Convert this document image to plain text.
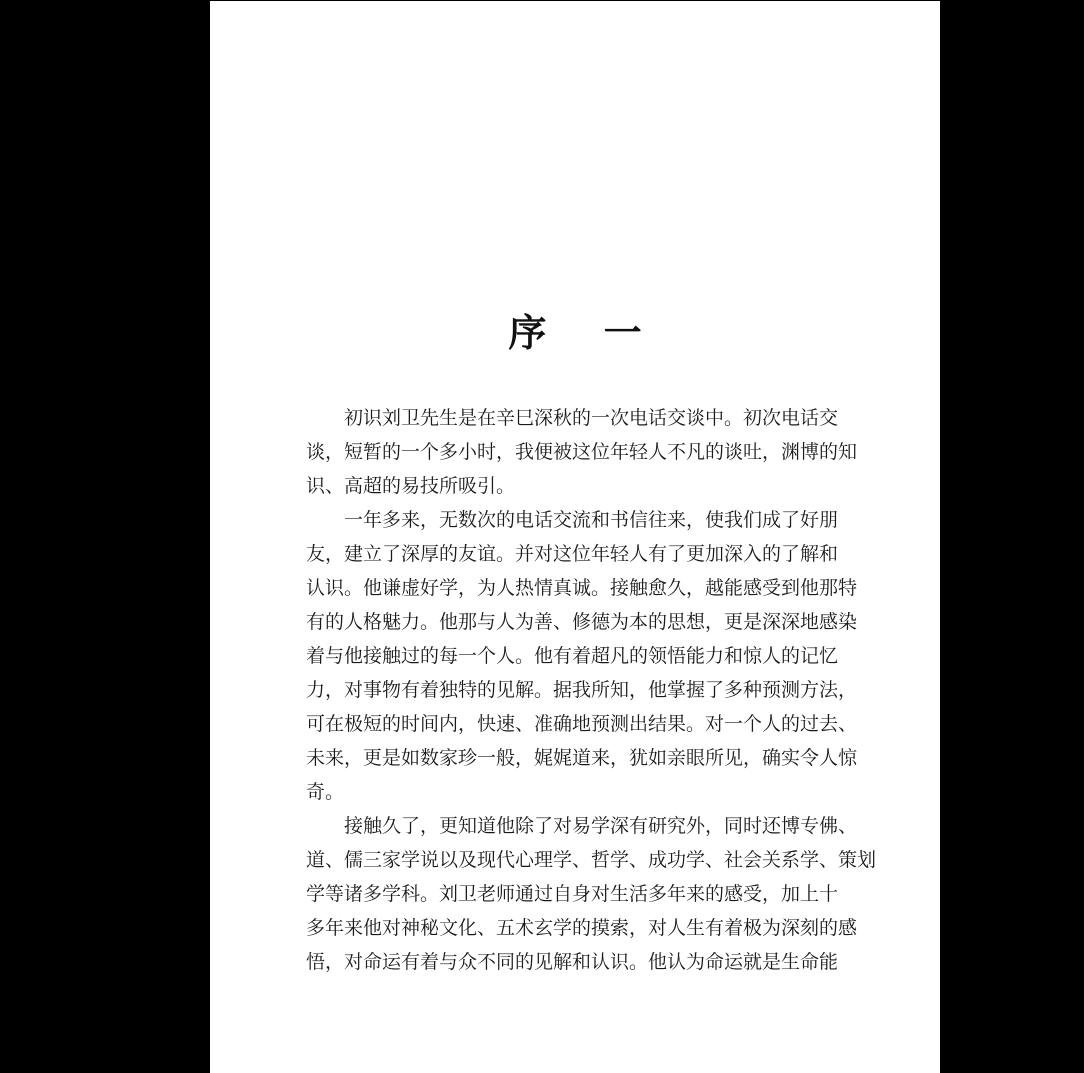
序 一
初识刘卫先生是在辛巳深秋的一次电话交谈中。初次电话交
谈，短暂的一个多小时，我便被这位年轻人不凡的谈吐，渊博的知
识、高超的易技所吸引。
一年多来，无数次的电话交流和书信往来，使我们成了好朋
友，建立了深厚的友谊。并对这位年轻人有了更加深入的了解和
认识。他谦虚好学，为人热情真诚。接触愈久，越能感受到他那特
有的人格魅力。他那与人为善、修德为本的思想，更是深深地感染
着与他接触过的每一个人。他有着超凡的领悟能力和惊人的记忆
力，对事物有着独特的见解。据我所知，他掌握了多种预测方法，
可在极短的时间内，快速、准确地预测出结果。对一个人的过去、
未来，更是如数家珍一般，娓娓道来，犹如亲眼所见，确实令人惊
奇。
接触久了，更知道他除了对易学深有研究外，同时还博专佛、
道、儒三家学说以及现代心理学、哲学、成功学、社会关系学、策划
学等诸多学科。刘卫老师通过自身对生活多年来的感受，加上十
多年来他对神秘文化、五术玄学的摸索，对人生有着极为深刻的感
悟，对命运有着与众不同的见解和认识。他认为命运就是生命能
